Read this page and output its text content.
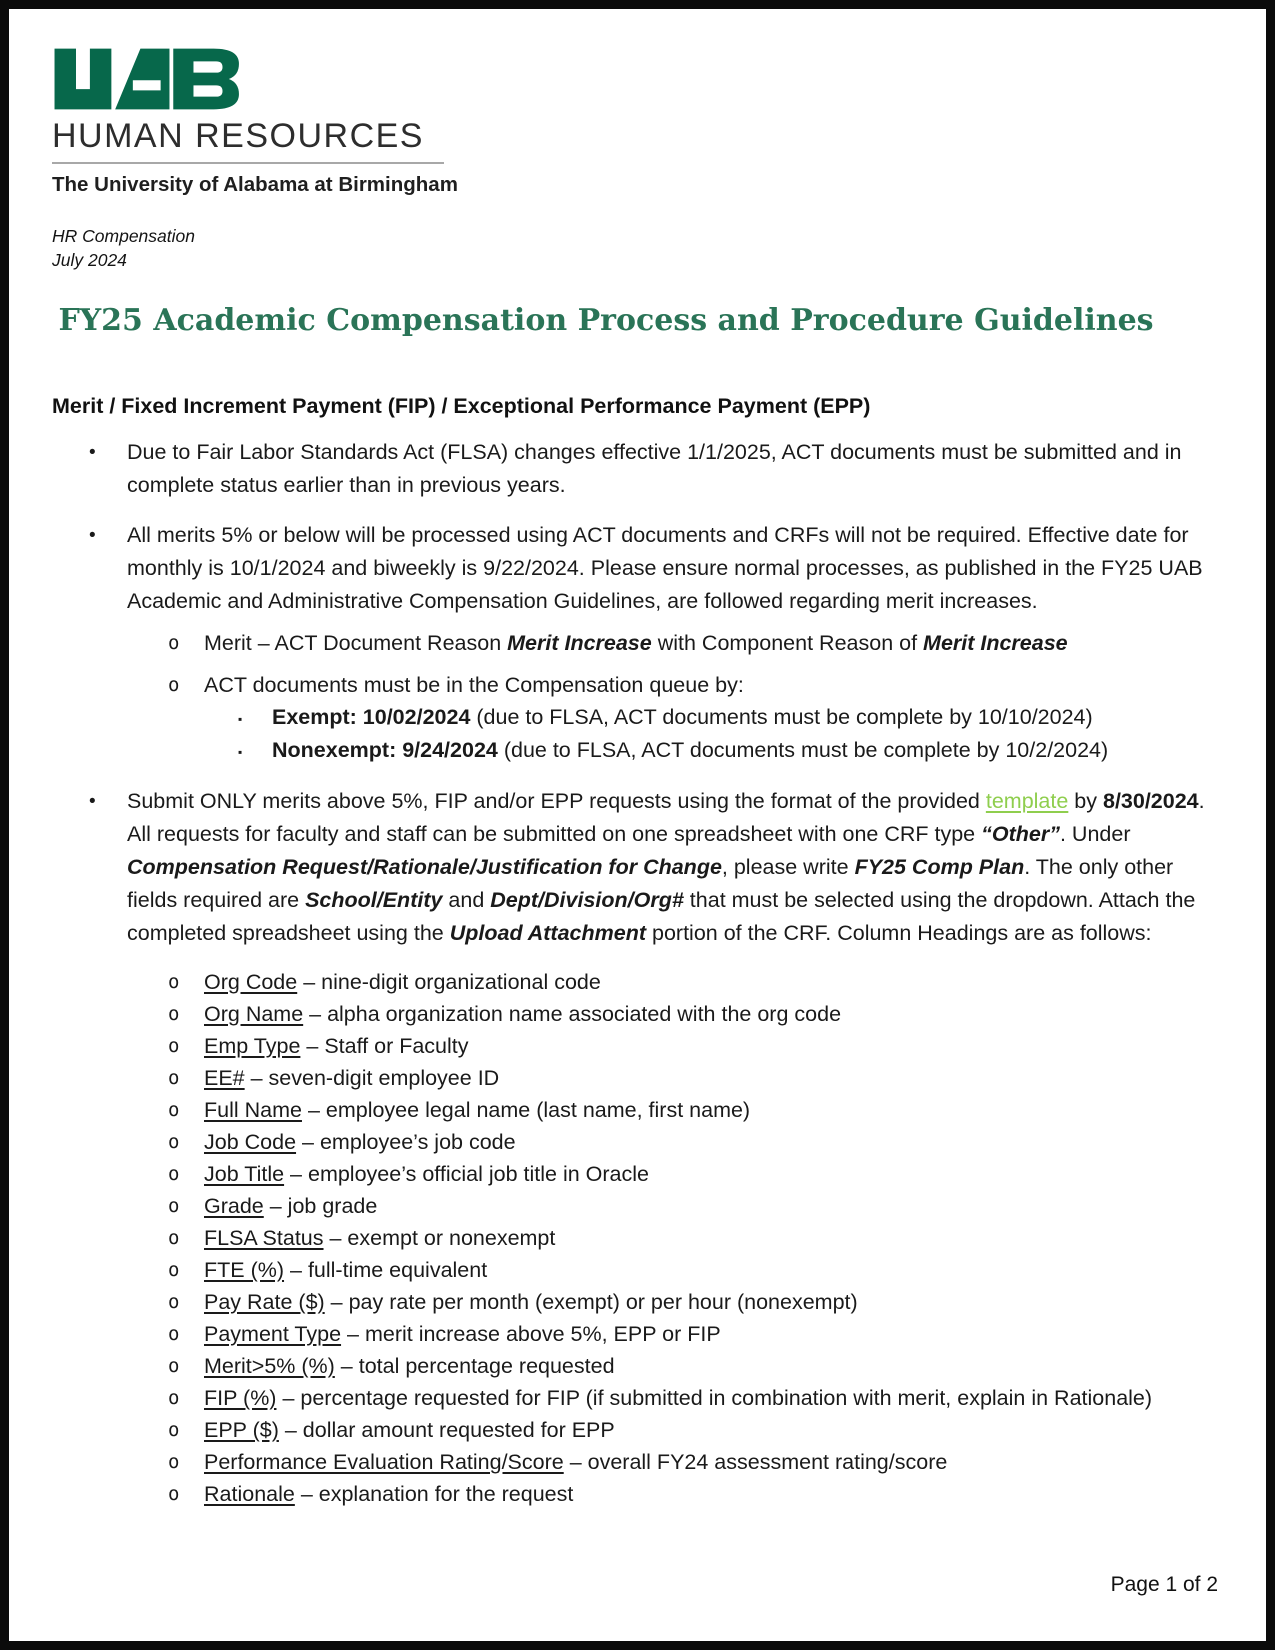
HUMAN RESOURCES
The University of Alabama at Birmingham
HR Compensation
July 2024
FY25 Academic Compensation Process and Procedure Guidelines
Merit / Fixed Increment Payment (FIP) / Exceptional Performance Payment (EPP)
•	Due to Fair Labor Standards Act (FLSA) changes effective 1/1/2025, ACT documents must be submitted and in complete status earlier than in previous years.
•	All merits 5% or below will be processed using ACT documents and CRFs will not be required. Effective date for monthly is 10/1/2024 and biweekly is 9/22/2024. Please ensure normal processes, as published in the FY25 UAB Academic and Administrative Compensation Guidelines, are followed regarding merit increases.
o	Merit – ACT Document Reason Merit Increase with Component Reason of Merit Increase
o	ACT documents must be in the Compensation queue by:
▪	Exempt: 10/02/2024 (due to FLSA, ACT documents must be complete by 10/10/2024)
▪	Nonexempt: 9/24/2024 (due to FLSA, ACT documents must be complete by 10/2/2024)
•	Submit ONLY merits above 5%, FIP and/or EPP requests using the format of the provided template by 8/30/2024. All requests for faculty and staff can be submitted on one spreadsheet with one CRF type “Other”. Under Compensation Request/Rationale/Justification for Change, please write FY25 Comp Plan. The only other fields required are School/Entity and Dept/Division/Org# that must be selected using the dropdown. Attach the completed spreadsheet using the Upload Attachment portion of the CRF. Column Headings are as follows:
o	Org Code – nine-digit organizational code
o	Org Name – alpha organization name associated with the org code
o	Emp Type – Staff or Faculty
o	EE# – seven-digit employee ID
o	Full Name – employee legal name (last name, first name)
o	Job Code – employee’s job code
o	Job Title – employee’s official job title in Oracle
o	Grade – job grade
o	FLSA Status – exempt or nonexempt
o	FTE (%) – full-time equivalent
o	Pay Rate ($) – pay rate per month (exempt) or per hour (nonexempt)
o	Payment Type – merit increase above 5%, EPP or FIP
o	Merit>5% (%) – total percentage requested
o	FIP (%) – percentage requested for FIP (if submitted in combination with merit, explain in Rationale)
o	EPP ($) – dollar amount requested for EPP
o	Performance Evaluation Rating/Score – overall FY24 assessment rating/score
o	Rationale – explanation for the request
Page 1 of 2
